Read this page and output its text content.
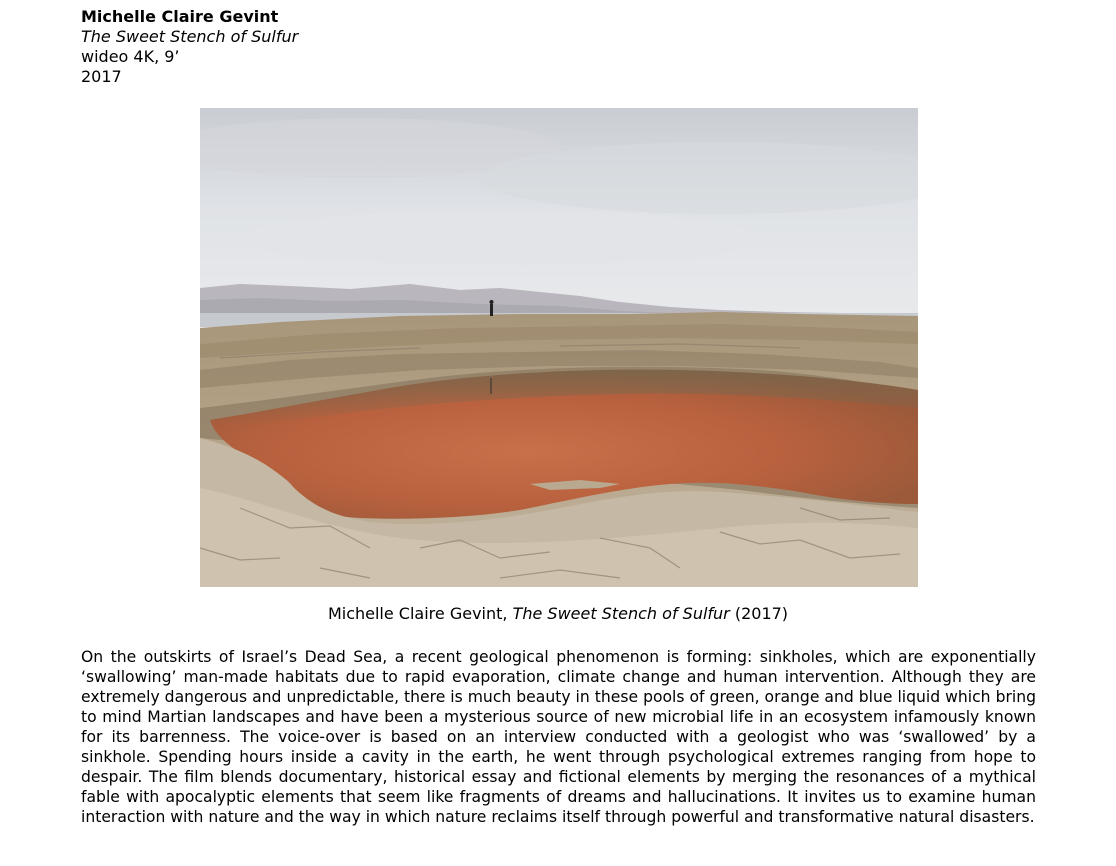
Michelle Claire Gevint
The Sweet Stench of Sulfur
wideo 4K, 9’
2017
Michelle Claire Gevint, The Sweet Stench of Sulfur (2017)

On the outskirts of Israel’s Dead Sea, a recent geological phenomenon is forming: sinkholes, which are exponentially ‘swallowing’ man-made habitats due to rapid evaporation, climate change and human intervention. Although they are extremely dangerous and unpredictable, there is much beauty in these pools of green, orange and blue liquid which bring to mind Martian landscapes and have been a mysterious source of new microbial life in an ecosystem infamously known for its barrenness. The voice-over is based on an interview conducted with a geologist who was ‘swallowed’ by a sinkhole. Spending hours inside a cavity in the earth, he went through psychological extremes ranging from hope to despair. The film blends documentary, historical essay and fictional elements by merging the resonances of a mythical fable with apocalyptic elements that seem like fragments of dreams and hallucinations. It invites us to examine human interaction with nature and the way in which nature reclaims itself through powerful and transformative natural disasters.
